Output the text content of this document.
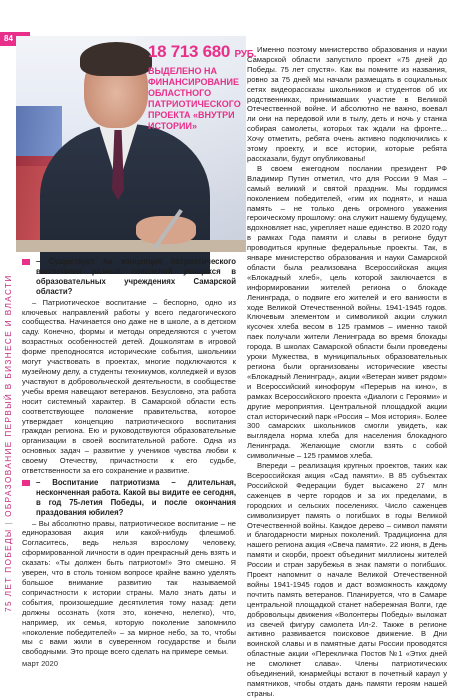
84
75 ЛЕТ ПОБЕДЫ|ОБРАЗОВАНИЕ ПЕРВЫЙ В БИЗНЕСЕ И ВЛАСТИ
18 713 680 РУБ.
ВЫДЕЛЕНО НА ФИНАНСИРОВАНИЕ ОБЛАСТНОГО ПАТРИОТИЧЕСКОГО ПРОЕКТА «ВНУТРИ ИСТОРИИ»

– Существует ли концепция патриотического воспитания разных поколений учащихся в образовательных учреждениях Самарской области?

– Патриотическое воспитание – беспорно, одно из ключевых направлений работы у всего педагогического сообщества. Начинается оно даже не в школе, а в детском саду. Конечно, формы и методы определяются с учетом возрастных особенностей детей. Дошколятам в игровой форме преподносятся исторические события, школьники могут участвовать в проектах, многие подключаются к музейному делу, а студенты техникумов, колледжей и вузов участвуют в добровольческой деятельности, в сообществе учебы время навещают ветеранов. Безусловно, эта работа носит системный характер. В Самарской области есть соответствующее положение правительства, которое утверждает концепцию патриотического воспитания граждан региона. Ею и руководствуются образовательные организации в своей воспитательной работе. Одна из основных задач – развитие у учеников чувства любви к своему Отечеству, причастности к его судьбе, ответственности за его сохранение и развитие.

– Воспитание патриотизма – длительная, несконченная работа. Какой вы видите ее сегодня, в год 75-летия Победы, и после окончания праздования юбилея?

– Вы абсолютно правы, патриотическое воспитание – не единоразовая акция или какой-нибудь флешмоб. Согласитесь, ведь нельзя взрослому человеку, сформированной личности в один прекрасный день взять и сказать: «Ты должен быть патриотом!» Это смешно. Я уверен, что в столь тонком вопросе крайне важно уделять большое внимание развитию так называемой сопричастности к истории страны. Мало знать даты и события, произошедшие десятилетия тому назад: дети должны осознать (хотя это, конечно, нелегко), что, например, их семья, которую поколение запомнило «поколение победителей» – за мирное небо, за то, чтобы мы с вами жили в суверенном государстве и были свободными. Это проще всего сделать на примере семьи.

Именно поэтому министерство образования и науки Самарской области запустило проект «75 дней до Победы. 75 лет спустя». Как вы помните из названия, ровно за 75 дней мы начали размещать в социальных сетях видеорассказы школьников и студентов об их родственниках, принимавших участие в Великой Отечественной войне. И абсолютно не важно, воевал ли они на передовой или в тылу, деть и ночь у станка собирая самолеты, которых так ждали на фронте... Хочу отметить, ребята очень активно подключились к этому проекту, и все истории, которые ребята рассказали, будут опубликованы!

В своем ежегодном послании президент РФ Владимир Путин отметил, что для России 9 Мая – самый великий и святой праздник. Мы гордимся поколением победителей, «гим их поднят», и наша память – не только день огромного уважения героическому прошлому: она служит нашему будущему, вдохновляет нас, укрепляет наше единство. В 2020 году в рамках Года памяти и славы в регионе будут проводиться крупные федеральные проекты. Так, в январе министерство образования и науки Самарской области была реализована Всероссийская акция «Блокадный хлеб», цель которой заключается в информировании жителей региона о блокаде Ленинграда, о подвиге его жителей и его ваниюсти в ходе Великой Отечественной войны. 1941-1945 годов. Ключевым элементом и символикой акции служил кусочек хлеба весом в 125 граммов – именно такой паек получали жители Ленинграда во время блокады города. В школах Самарской области были проведены уроки Мужества, в муниципальных образовательных региона были организованы исторические квесты «Блокадный Ленинград», акции «Ветеран живет рядом» и Всероссийский кинофорум «Перерыв на кино», в рамках Всероссийского проекта «Диалоги с Героями» и другие мероприятия. Центральной площадкой акции стал исторический парк «Россия – Моя история». Более 300 самарских школьников смогли увидеть, как выглядела норма хлеба для населения блокадного Ленинграда. Желающие смогли взять с собой символичные – 125 граммов хлеба.

Впереди – реализация крупных проектов, таких как Всероссийская акция «Сад памяти». В 85 субъектах Российской Федерации будет высажено 27 млн саженцев в черте городов и за их пределами, в городских и сельских поселениях. Число саженцев символизирует память о погибших в годы Великой Отечественной войны. Каждое дерево – символ памяти и благодарности мирных поколений. Традиционна для нашего региона акция «Свеча памяти». 22 июня, в День памяти и скорби, проект объединит миллионы жителей России и стран зарубежья в знак памяти о погибших. Проект напомнит о начале Великой Отечественной войны 1941-1945 годов и даст возможность каждому почтить память ветеранов. Планируется, что в Самаре центральной площадкой станет набережная Волги, где добровольцы движения «Волонтеры Победы» выложат из свечей фигуру самолета Ил-2. Также в регионе активно развивается поисковое движение. В Дни воинской славы и в памятные даты России проводятся областные акции «Перекличка Постов №1 «Этих дней не смолкнет слава». Члены патриотических объединений, юнармейцы встают в почетный караул у памятников, чтобы отдать дань памяти героям нашей страны.

март 2020
